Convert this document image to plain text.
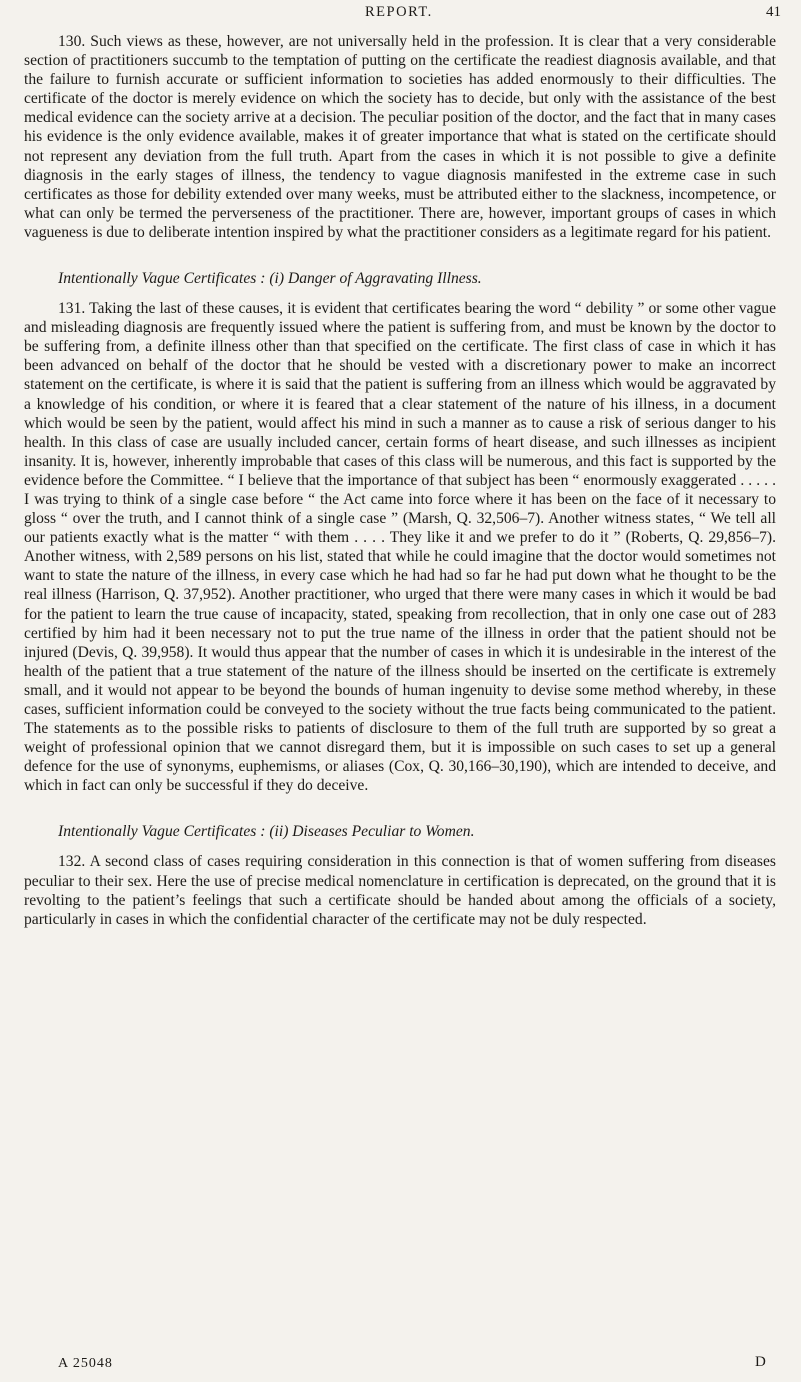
REPORT.	41

130. Such views as these, however, are not universally held in the profession. It is clear that a very considerable section of practitioners succumb to the temptation of putting on the certificate the readiest diagnosis available, and that the failure to furnish accurate or sufficient information to societies has added enormously to their difficulties. The certificate of the doctor is merely evidence on which the society has to decide, but only with the assistance of the best medical evidence can the society arrive at a decision. The peculiar position of the doctor, and the fact that in many cases his evidence is the only evidence available, makes it of greater importance that what is stated on the certificate should not represent any deviation from the full truth. Apart from the cases in which it is not possible to give a definite diagnosis in the early stages of illness, the tendency to vague diagnosis manifested in the extreme case in such certificates as those for debility extended over many weeks, must be attributed either to the slackness, incompetence, or what can only be termed the perverseness of the practitioner. There are, however, important groups of cases in which vagueness is due to deliberate intention inspired by what the practitioner considers as a legitimate regard for his patient.

Intentionally Vague Certificates : (i) Danger of Aggravating Illness.

131. Taking the last of these causes, it is evident that certificates bearing the word “ debility ” or some other vague and misleading diagnosis are frequently issued where the patient is suffering from, and must be known by the doctor to be suffering from, a definite illness other than that specified on the certificate. The first class of case in which it has been advanced on behalf of the doctor that he should be vested with a discretionary power to make an incorrect statement on the certificate, is where it is said that the patient is suffering from an illness which would be aggravated by a knowledge of his condition, or where it is feared that a clear statement of the nature of his illness, in a document which would be seen by the patient, would affect his mind in such a manner as to cause a risk of serious danger to his health. In this class of case are usually included cancer, certain forms of heart disease, and such illnesses as incipient insanity. It is, however, inherently improbable that cases of this class will be numerous, and this fact is supported by the evidence before the Committee. “ I believe that the importance of that subject has been “ enormously exaggerated . . . . . I was trying to think of a single case before “ the Act came into force where it has been on the face of it necessary to gloss “ over the truth, and I cannot think of a single case ” (Marsh, Q. 32,506–7). Another witness states, “ We tell all our patients exactly what is the matter “ with them . . . . They like it and we prefer to do it ” (Roberts, Q. 29,856–7). Another witness, with 2,589 persons on his list, stated that while he could imagine that the doctor would sometimes not want to state the nature of the illness, in every case which he had had so far he had put down what he thought to be the real illness (Harrison, Q. 37,952). Another practitioner, who urged that there were many cases in which it would be bad for the patient to learn the true cause of incapacity, stated, speaking from recollection, that in only one case out of 283 certified by him had it been necessary not to put the true name of the illness in order that the patient should not be injured (Devis, Q. 39,958). It would thus appear that the number of cases in which it is undesirable in the interest of the health of the patient that a true statement of the nature of the illness should be inserted on the certificate is extremely small, and it would not appear to be beyond the bounds of human ingenuity to devise some method whereby, in these cases, sufficient information could be conveyed to the society without the true facts being communicated to the patient. The statements as to the possible risks to patients of disclosure to them of the full truth are supported by so great a weight of professional opinion that we cannot disregard them, but it is impossible on such cases to set up a general defence for the use of synonyms, euphemisms, or aliases (Cox, Q. 30,166–30,190), which are intended to deceive, and which in fact can only be successful if they do deceive.

Intentionally Vague Certificates : (ii) Diseases Peculiar to Women.

132. A second class of cases requiring consideration in this connection is that of women suffering from diseases peculiar to their sex. Here the use of precise medical nomenclature in certification is deprecated, on the ground that it is revolting to the patient’s feelings that such a certificate should be handed about among the officials of a society, particularly in cases in which the confidential character of the certificate may not be duly respected.

A 25048	D
